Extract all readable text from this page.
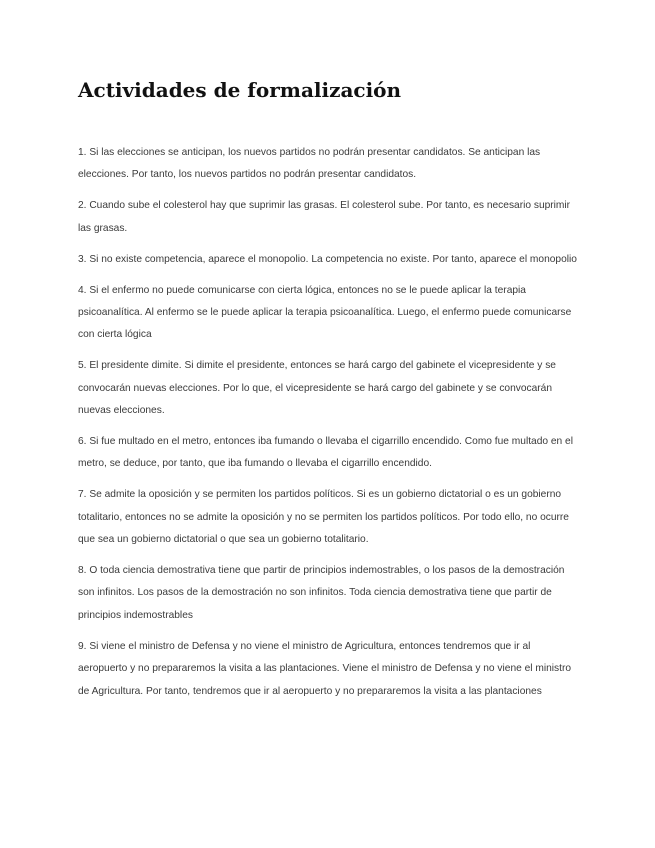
Actividades de formalización
1. Si las elecciones se anticipan, los nuevos partidos no podrán presentar candidatos. Se anticipan las elecciones. Por tanto, los nuevos partidos no podrán presentar candidatos.
2. Cuando sube el colesterol hay que suprimir las grasas. El colesterol sube. Por tanto, es necesario suprimir las grasas.
3. Si no existe competencia, aparece el monopolio. La competencia no existe. Por tanto, aparece el monopolio
4. Si el enfermo no puede comunicarse con cierta lógica, entonces no se le puede aplicar la terapia psicoanalítica. Al enfermo se le puede aplicar la terapia psicoanalítica. Luego, el enfermo puede comunicarse con cierta lógica
5. El presidente dimite. Si dimite el presidente, entonces se hará cargo del gabinete el vicepresidente y se convocarán nuevas elecciones. Por lo que, el vicepresidente se hará cargo del gabinete y se convocarán nuevas elecciones.
6. Si fue multado en el metro, entonces iba fumando o llevaba el cigarrillo encendido. Como fue multado en el metro, se deduce, por tanto, que iba fumando o llevaba el cigarrillo encendido.
7. Se admite la oposición y se permiten los partidos políticos. Si es un gobierno dictatorial o es un gobierno totalitario, entonces no se admite la oposición y no se permiten los partidos políticos. Por todo ello, no ocurre que sea un gobierno dictatorial o que sea un gobierno totalitario.
8. O toda ciencia demostrativa tiene que partir de principios indemostrables, o los pasos de la demostración son infinitos. Los pasos de la demostración no son infinitos. Toda ciencia demostrativa tiene que partir de principios indemostrables
9. Si viene el ministro de Defensa y no viene el ministro de Agricultura, entonces tendremos que ir al aeropuerto y no prepararemos la visita a las plantaciones. Viene el ministro de Defensa y no viene el ministro de Agricultura. Por tanto, tendremos que ir al aeropuerto y no prepararemos la visita a las plantaciones
